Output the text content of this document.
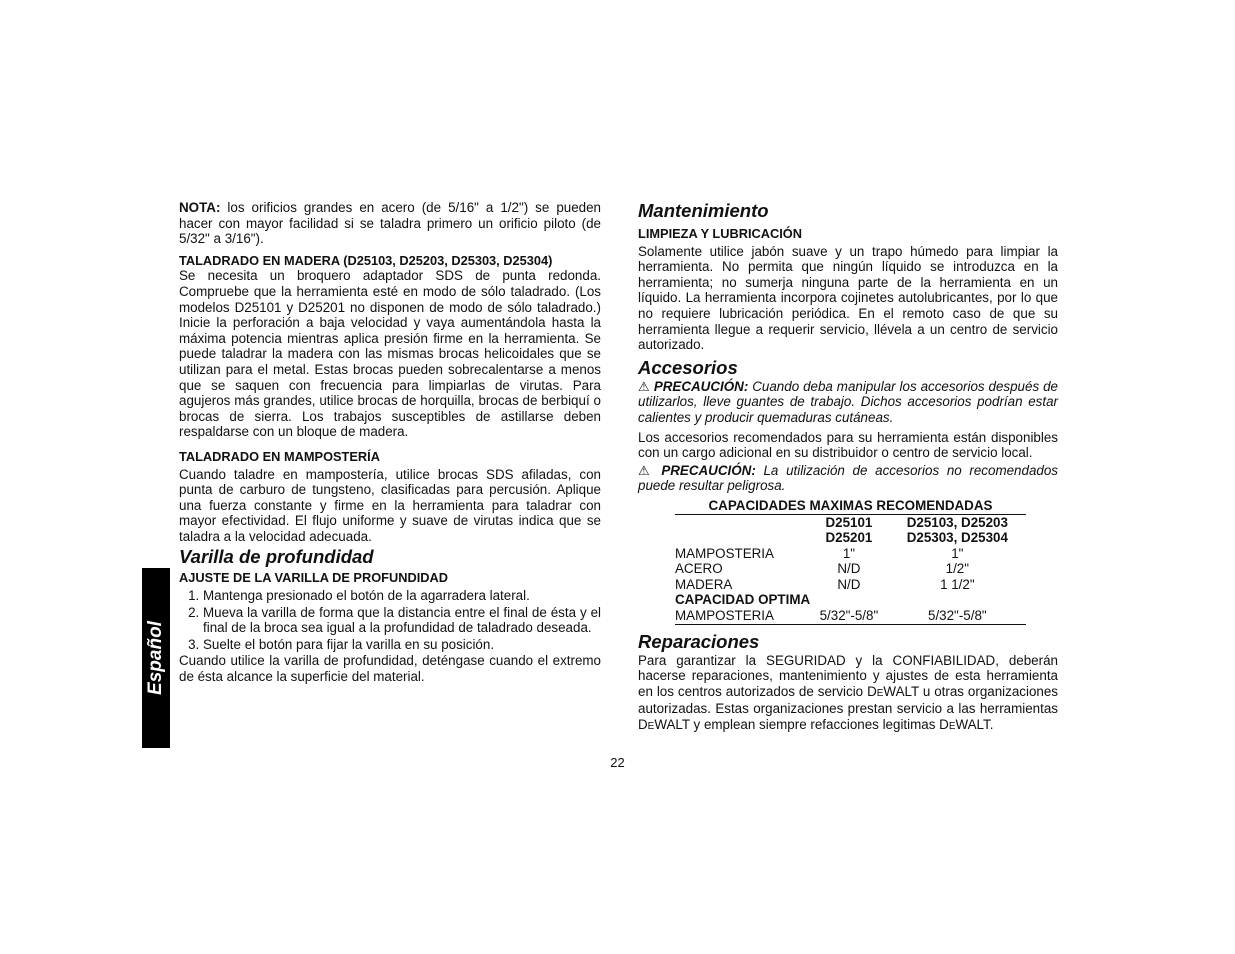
Español

NOTA: los orificios grandes en acero (de 5/16" a 1/2") se pueden hacer con mayor facilidad si se taladra primero un orificio piloto (de 5/32" a 3/16").

TALADRADO EN MADERA (D25103, D25203, D25303, D25304)

Se necesita un broquero adaptador SDS de punta redonda. Compruebe que la herramienta esté en modo de sólo taladrado. (Los modelos D25101 y D25201 no disponen de modo de sólo taladrado.) Inicie la perforación a baja velocidad y vaya aumentándola hasta la máxima potencia mientras aplica presión firme en la herramienta. Se puede taladrar la madera con las mismas brocas helicoidales que se utilizan para el metal. Estas brocas pueden sobrecalentarse a menos que se saquen con frecuencia para limpiarlas de virutas. Para agujeros más grandes, utilice brocas de horquilla, brocas de berbiquí o brocas de sierra. Los trabajos susceptibles de astillarse deben respaldarse con un bloque de madera.

TALADRADO EN MAMPOSTERÍA

Cuando taladre en mampostería, utilice brocas SDS afiladas, con punta de carburo de tungsteno, clasificadas para percusión. Aplique una fuerza constante y firme en la herramienta para taladrar con mayor efectividad. El flujo uniforme y suave de virutas indica que se taladra a la velocidad adecuada.

Varilla de profundidad

AJUSTE DE LA VARILLA DE PROFUNDIDAD

1. Mantenga presionado el botón de la agarradera lateral.
2. Mueva la varilla de forma que la distancia entre el final de ésta y el final de la broca sea igual a la profundidad de taladrado deseada.
3. Suelte el botón para fijar la varilla en su posición.

Cuando utilice la varilla de profundidad, deténgase cuando el extremo de ésta alcance la superficie del material.

Mantenimiento

LIMPIEZA Y LUBRICACIÓN

Solamente utilice jabón suave y un trapo húmedo para limpiar la herramienta. No permita que ningún líquido se introduzca en la herramienta; no sumerja ninguna parte de la herramienta en un líquido. La herramienta incorpora cojinetes autolubricantes, por lo que no requiere lubricación periódica. En el remoto caso de que su herramienta llegue a requerir servicio, llévela a un centro de servicio autorizado.

Accesorios

⚠ PRECAUCIÓN: Cuando deba manipular los accesorios después de utilizarlos, lleve guantes de trabajo. Dichos accesorios podrían estar calientes y producir quemaduras cutáneas.

Los accesorios recomendados para su herramienta están disponibles con un cargo adicional en su distribuidor o centro de servicio local.

⚠ PRECAUCIÓN: La utilización de accesorios no recomendados puede resultar peligrosa.

CAPACIDADES MAXIMAS RECOMENDADAS		
	D25101	D25103, D25203
	D25201	D25303, D25304
MAMPOSTERIA	1"	1"
ACERO	N/D	1/2"
MADERA	N/D	1 1/2"
CAPACIDAD OPTIMA		
MAMPOSTERIA	5/32"-5/8"	5/32"-5/8"

Reparaciones

Para garantizar la SEGURIDAD y la CONFIABILIDAD, deberán hacerse reparaciones, mantenimiento y ajustes de esta herramienta en los centros autorizados de servicio DEWALT u otras organizaciones autorizadas. Estas organizaciones prestan servicio a las herramientas DEWALT y emplean siempre refacciones legitimas DEWALT.

22
